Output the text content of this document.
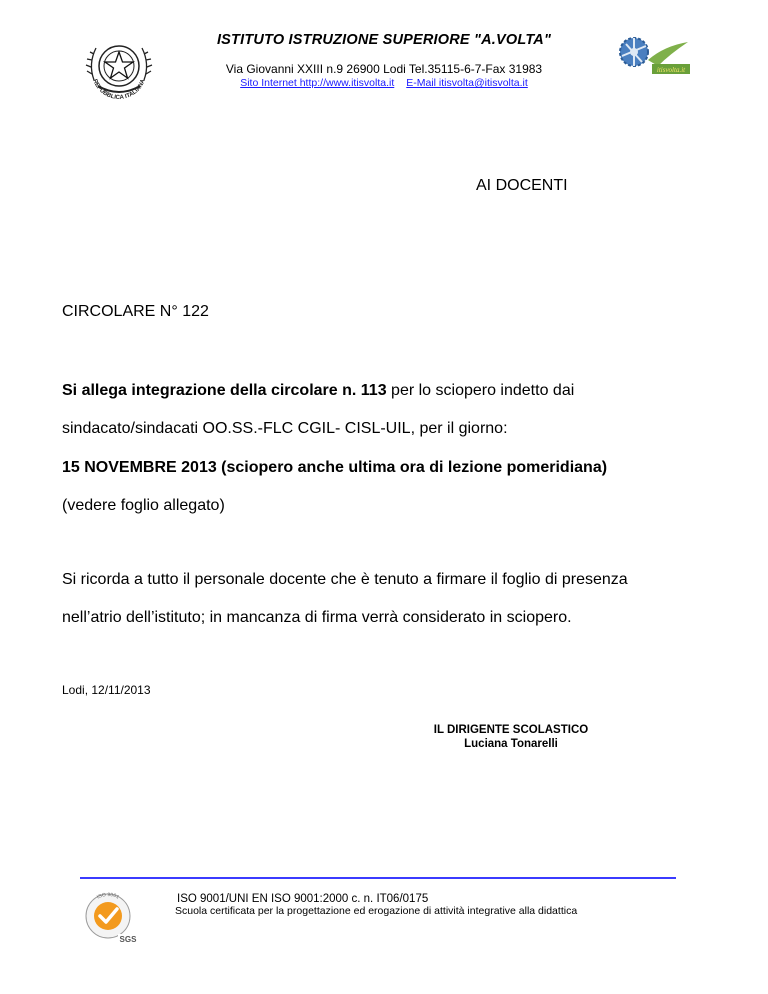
REPUBBLICA ITALIANA
ISTITUTO ISTRUZIONE SUPERIORE "A.VOLTA"
Via Giovanni XXIII n.9 26900 Lodi Tel.35115-6-7-Fax 31983
Sito Internet http://www.itisvolta.it E-Mail itisvolta@itisvolta.it
itisvolta.it
AI DOCENTI
CIRCOLARE N° 122
Si allega integrazione della circolare n. 113 per lo sciopero indetto dai
sindacato/sindacati OO.SS.-FLC CGIL- CISL-UIL, per il giorno:
15 NOVEMBRE 2013 (sciopero anche ultima ora di lezione pomeridiana)
(vedere foglio allegato)
Si ricorda a tutto il personale docente che è tenuto a firmare il foglio di presenza
nell’atrio dell’istituto; in mancanza di firma verrà considerato in sciopero.
Lodi, 12/11/2013
IL DIRIGENTE SCOLASTICO
Luciana Tonarelli
ISO 9001
SGS
ISO 9001/UNI EN ISO 9001:2000 c. n. IT06/0175
Scuola certificata per la progettazione ed erogazione di attività integrative alla didattica
